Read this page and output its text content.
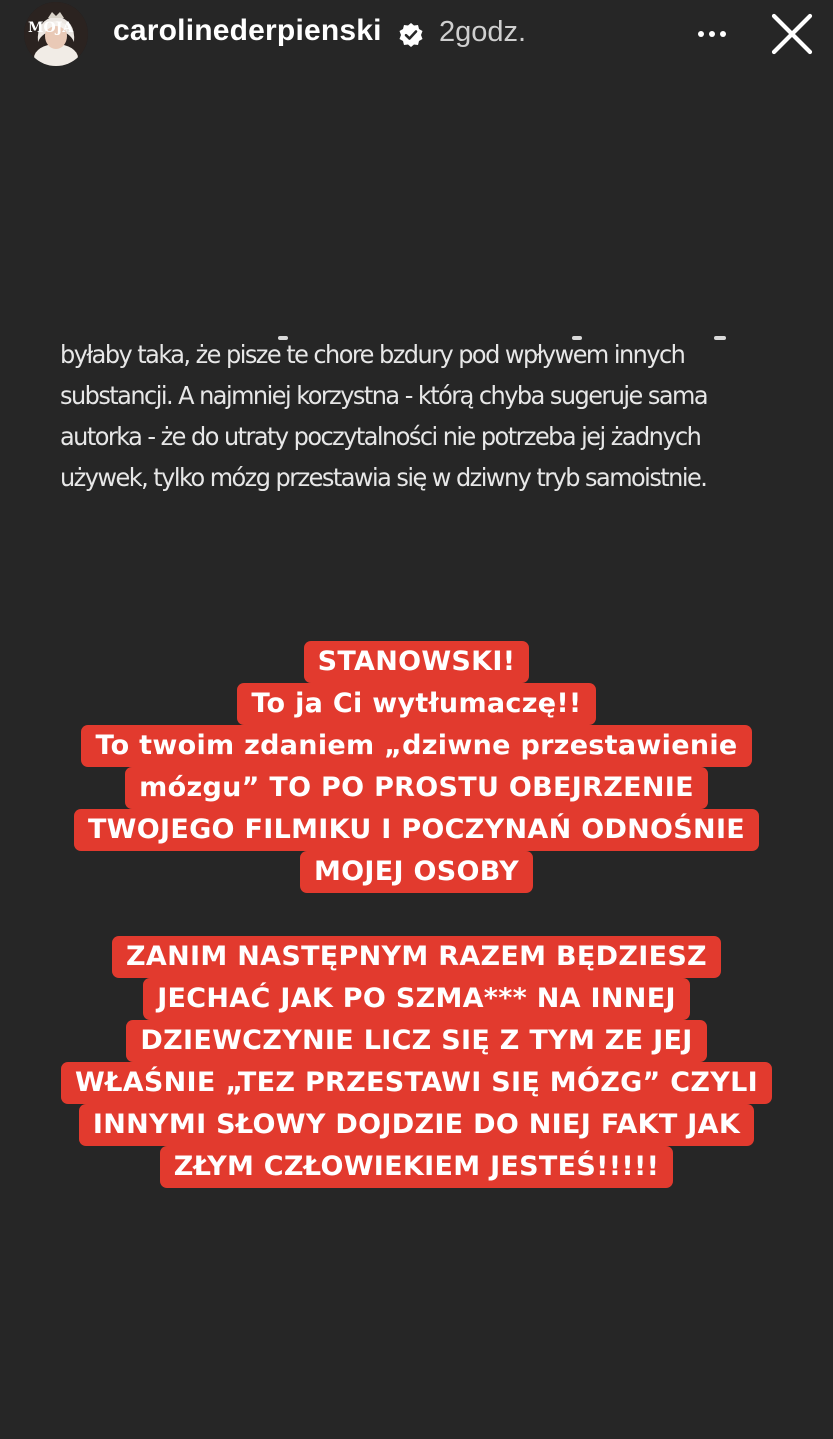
MOJA carolinederpienski 2godz.
byłaby taka, że pisze te chore bzdury pod wpływem innych
substancji. A najmniej korzystna - którą chyba sugeruje sama
autorka - że do utraty poczytalności nie potrzeba jej żadnych
używek, tylko mózg przestawia się w dziwny tryb samoistnie.
STANOWSKI!
To ja Ci wytłumaczę!!
To twoim zdaniem „dziwne przestawienie
mózgu” TO PO PROSTU OBEJRZENIE
TWOJEGO FILMIKU I POCZYNAŃ ODNOŚNIE
MOJEJ OSOBY
ZANIM NASTĘPNYM RAZEM BĘDZIESZ
JECHAĆ JAK PO SZMA*** NA INNEJ
DZIEWCZYNIE LICZ SIĘ Z TYM ZE JEJ
WŁAŚNIE „TEZ PRZESTAWI SIĘ MÓZG” CZYLI
INNYMI SŁOWY DOJDZIE DO NIEJ FAKT JAK
ZŁYM CZŁOWIEKIEM JESTEŚ!!!!!
